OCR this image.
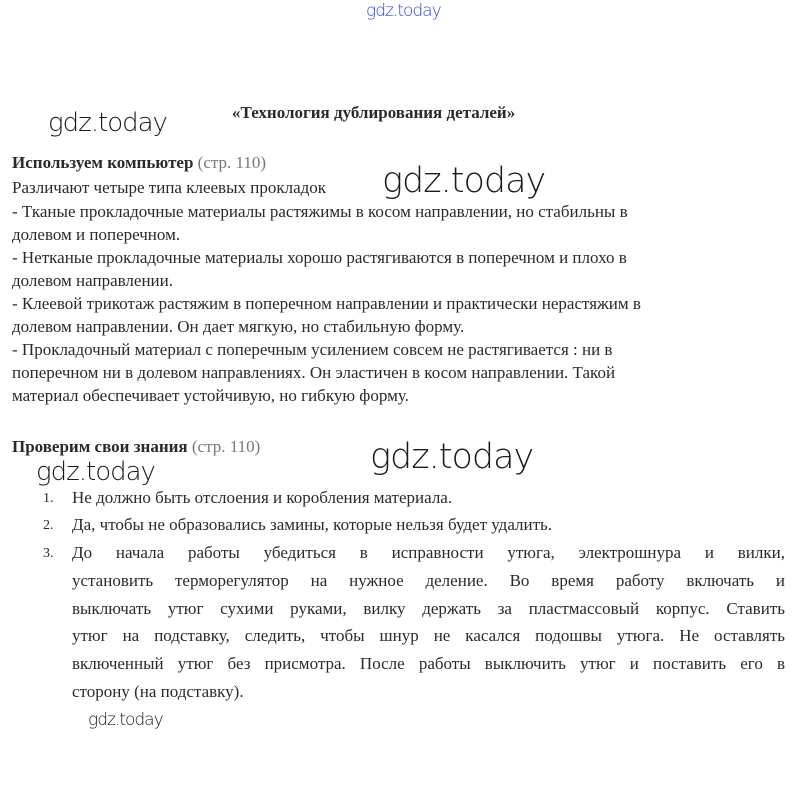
gdz.today
gdz.today
gdz.today
gdz.today
gdz.today
gdz.today
«Технология дублирования деталей»
Используем компьютер (стр. 110)
Различают четыре типа клеевых прокладок
- Тканые прокладочные материалы растяжимы в косом направлении, но стабильны в
долевом и поперечном.
- Нетканые прокладочные материалы хорошо растягиваются в поперечном и плохо в
долевом направлении.
- Клеевой трикотаж растяжим в поперечном направлении и практически нерастяжим в
долевом направлении. Он дает мягкую, но стабильную форму.
- Прокладочный материал с поперечным усилением совсем не растягивается : ни в
поперечном ни в долевом направлениях. Он эластичен в косом направлении. Такой
материал обеспечивает устойчивую, но гибкую форму.
Проверим свои знания (стр. 110)
1. Не должно быть отслоения и коробления материала.
2. Да, чтобы не образовались замины, которые нельзя будет удалить.
3. До начала работы убедиться в исправности утюга, электрошнура и вилки,
установить терморегулятор на нужное деление. Во время работу включать и
выключать утюг сухими руками, вилку держать за пластмассовый корпус. Ставить
утюг на подставку, следить, чтобы шнур не касался подошвы утюга. Не оставлять
включенный утюг без присмотра. После работы выключить утюг и поставить его в
сторону (на подставку).
